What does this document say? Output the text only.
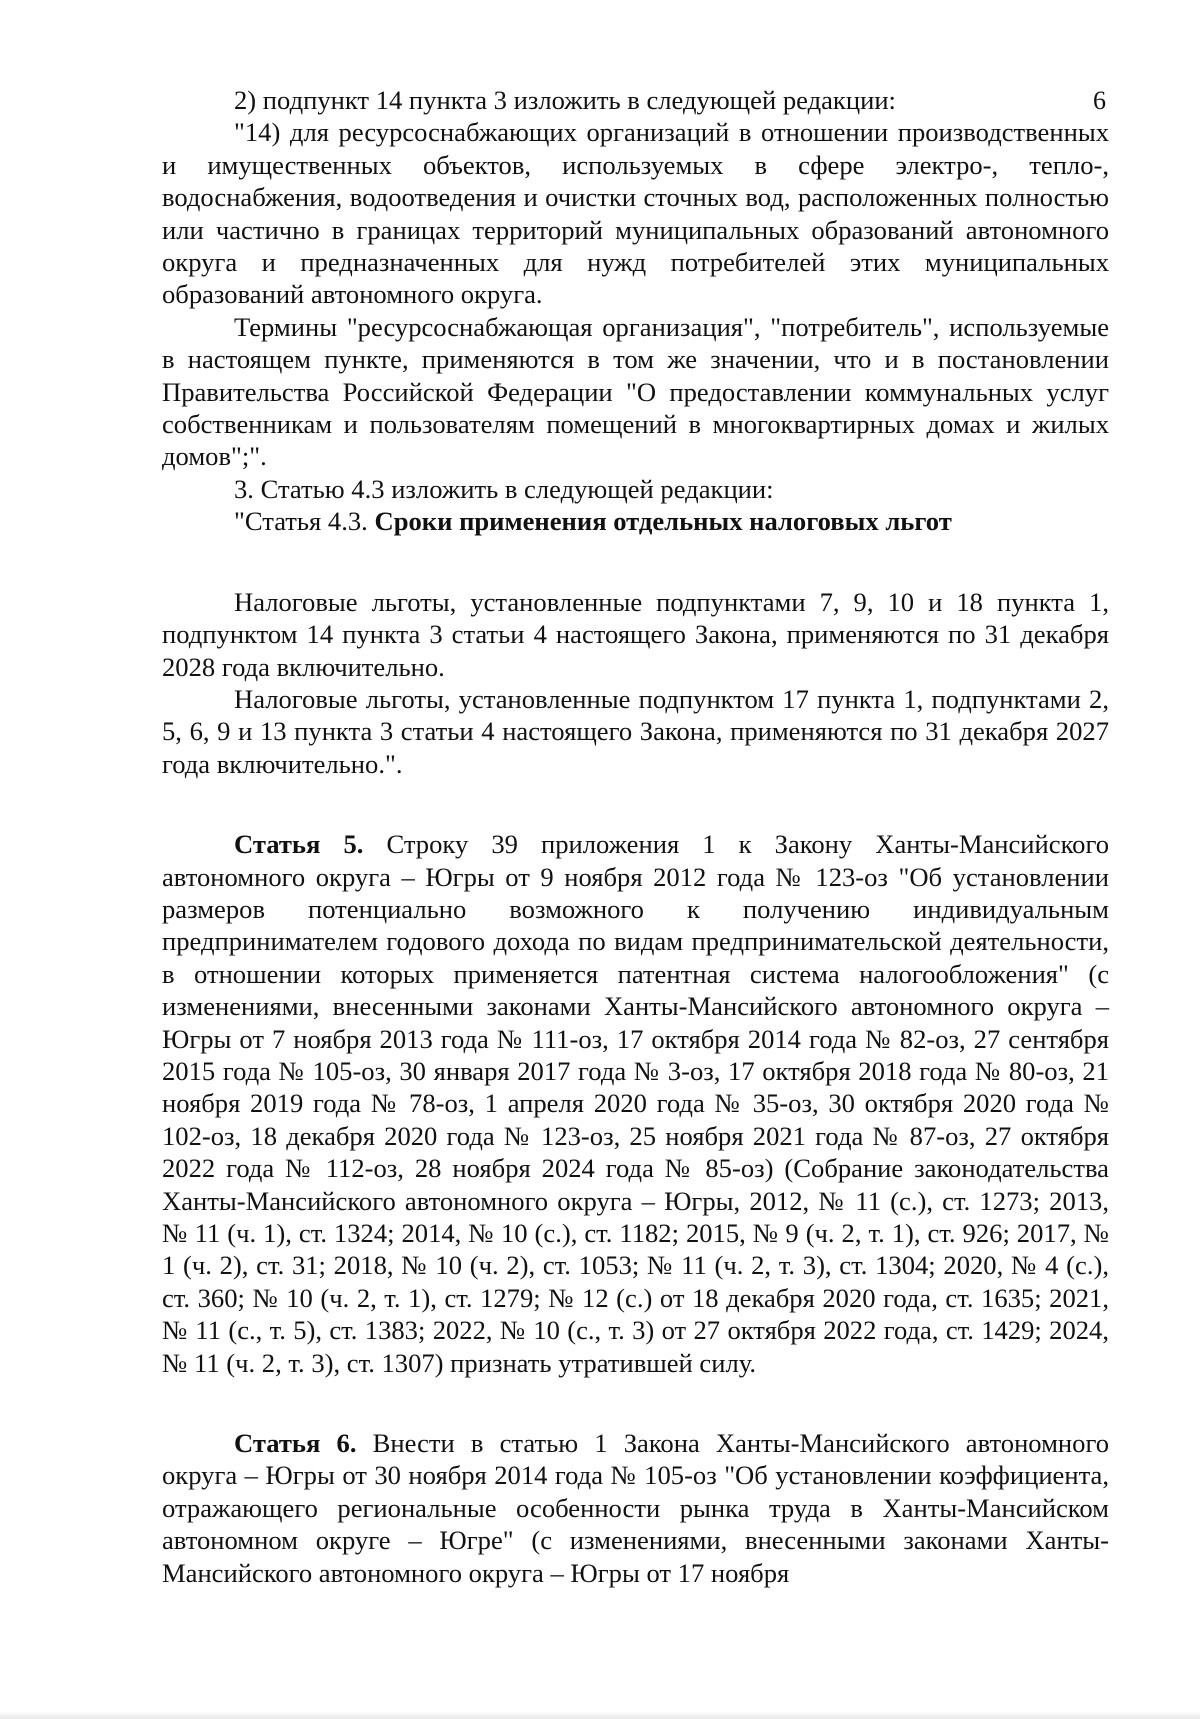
6

2) подпункт 14 пункта 3 изложить в следующей редакции:

"14) для ресурсоснабжающих организаций в отношении производственных и имущественных объектов, используемых в сфере электро-, тепло-, водоснабжения, водоотведения и очистки сточных вод, расположенных полностью или частично в границах территорий муниципальных образований автономного округа и предназначенных для нужд потребителей этих муниципальных образований автономного округа.

Термины "ресурсоснабжающая организация", "потребитель", используемые в настоящем пункте, применяются в том же значении, что и в постановлении Правительства Российской Федерации "О предоставлении коммунальных услуг собственникам и пользователям помещений в многоквартирных домах и жилых домов";".

3. Статью 4.3 изложить в следующей редакции:

"Статья 4.3. Сроки применения отдельных налоговых льгот

Налоговые льготы, установленные подпунктами 7, 9, 10 и 18 пункта 1, подпунктом 14 пункта 3 статьи 4 настоящего Закона, применяются по 31 декабря 2028 года включительно.

Налоговые льготы, установленные подпунктом 17 пункта 1, подпунктами 2, 5, 6, 9 и 13 пункта 3 статьи 4 настоящего Закона, применяются по 31 декабря 2027 года включительно.".

Статья 5. Строку 39 приложения 1 к Закону Ханты-Мансийского автономного округа – Югры от 9 ноября 2012 года № 123-оз "Об установлении размеров потенциально возможного к получению индивидуальным предпринимателем годового дохода по видам предпринимательской деятельности, в отношении которых применяется патентная система налогообложения" (с изменениями, внесенными законами Ханты-Мансийского автономного округа – Югры от 7 ноября 2013 года № 111-оз, 17 октября 2014 года № 82-оз, 27 сентября 2015 года № 105-оз, 30 января 2017 года № 3-оз, 17 октября 2018 года № 80-оз, 21 ноября 2019 года № 78-оз, 1 апреля 2020 года № 35-оз, 30 октября 2020 года № 102-оз, 18 декабря 2020 года № 123-оз, 25 ноября 2021 года № 87-оз, 27 октября 2022 года № 112-оз, 28 ноября 2024 года № 85-оз) (Собрание законодательства Ханты-Мансийского автономного округа – Югры, 2012, № 11 (с.), ст. 1273; 2013, № 11 (ч. 1), ст. 1324; 2014, № 10 (с.), ст. 1182; 2015, № 9 (ч. 2, т. 1), ст. 926; 2017, № 1 (ч. 2), ст. 31; 2018, № 10 (ч. 2), ст. 1053; № 11 (ч. 2, т. 3), ст. 1304; 2020, № 4 (с.), ст. 360; № 10 (ч. 2, т. 1), ст. 1279; № 12 (с.) от 18 декабря 2020 года, ст. 1635; 2021, № 11 (с., т. 5), ст. 1383; 2022, № 10 (с., т. 3) от 27 октября 2022 года, ст. 1429; 2024, № 11 (ч. 2, т. 3), ст. 1307) признать утратившей силу.

Статья 6. Внести в статью 1 Закона Ханты-Мансийского автономного округа – Югры от 30 ноября 2014 года № 105-оз "Об установлении коэффициента, отражающего региональные особенности рынка труда в Ханты-Мансийском автономном округе – Югре" (с изменениями, внесенными законами Ханты-Мансийского автономного округа – Югры от 17 ноября
